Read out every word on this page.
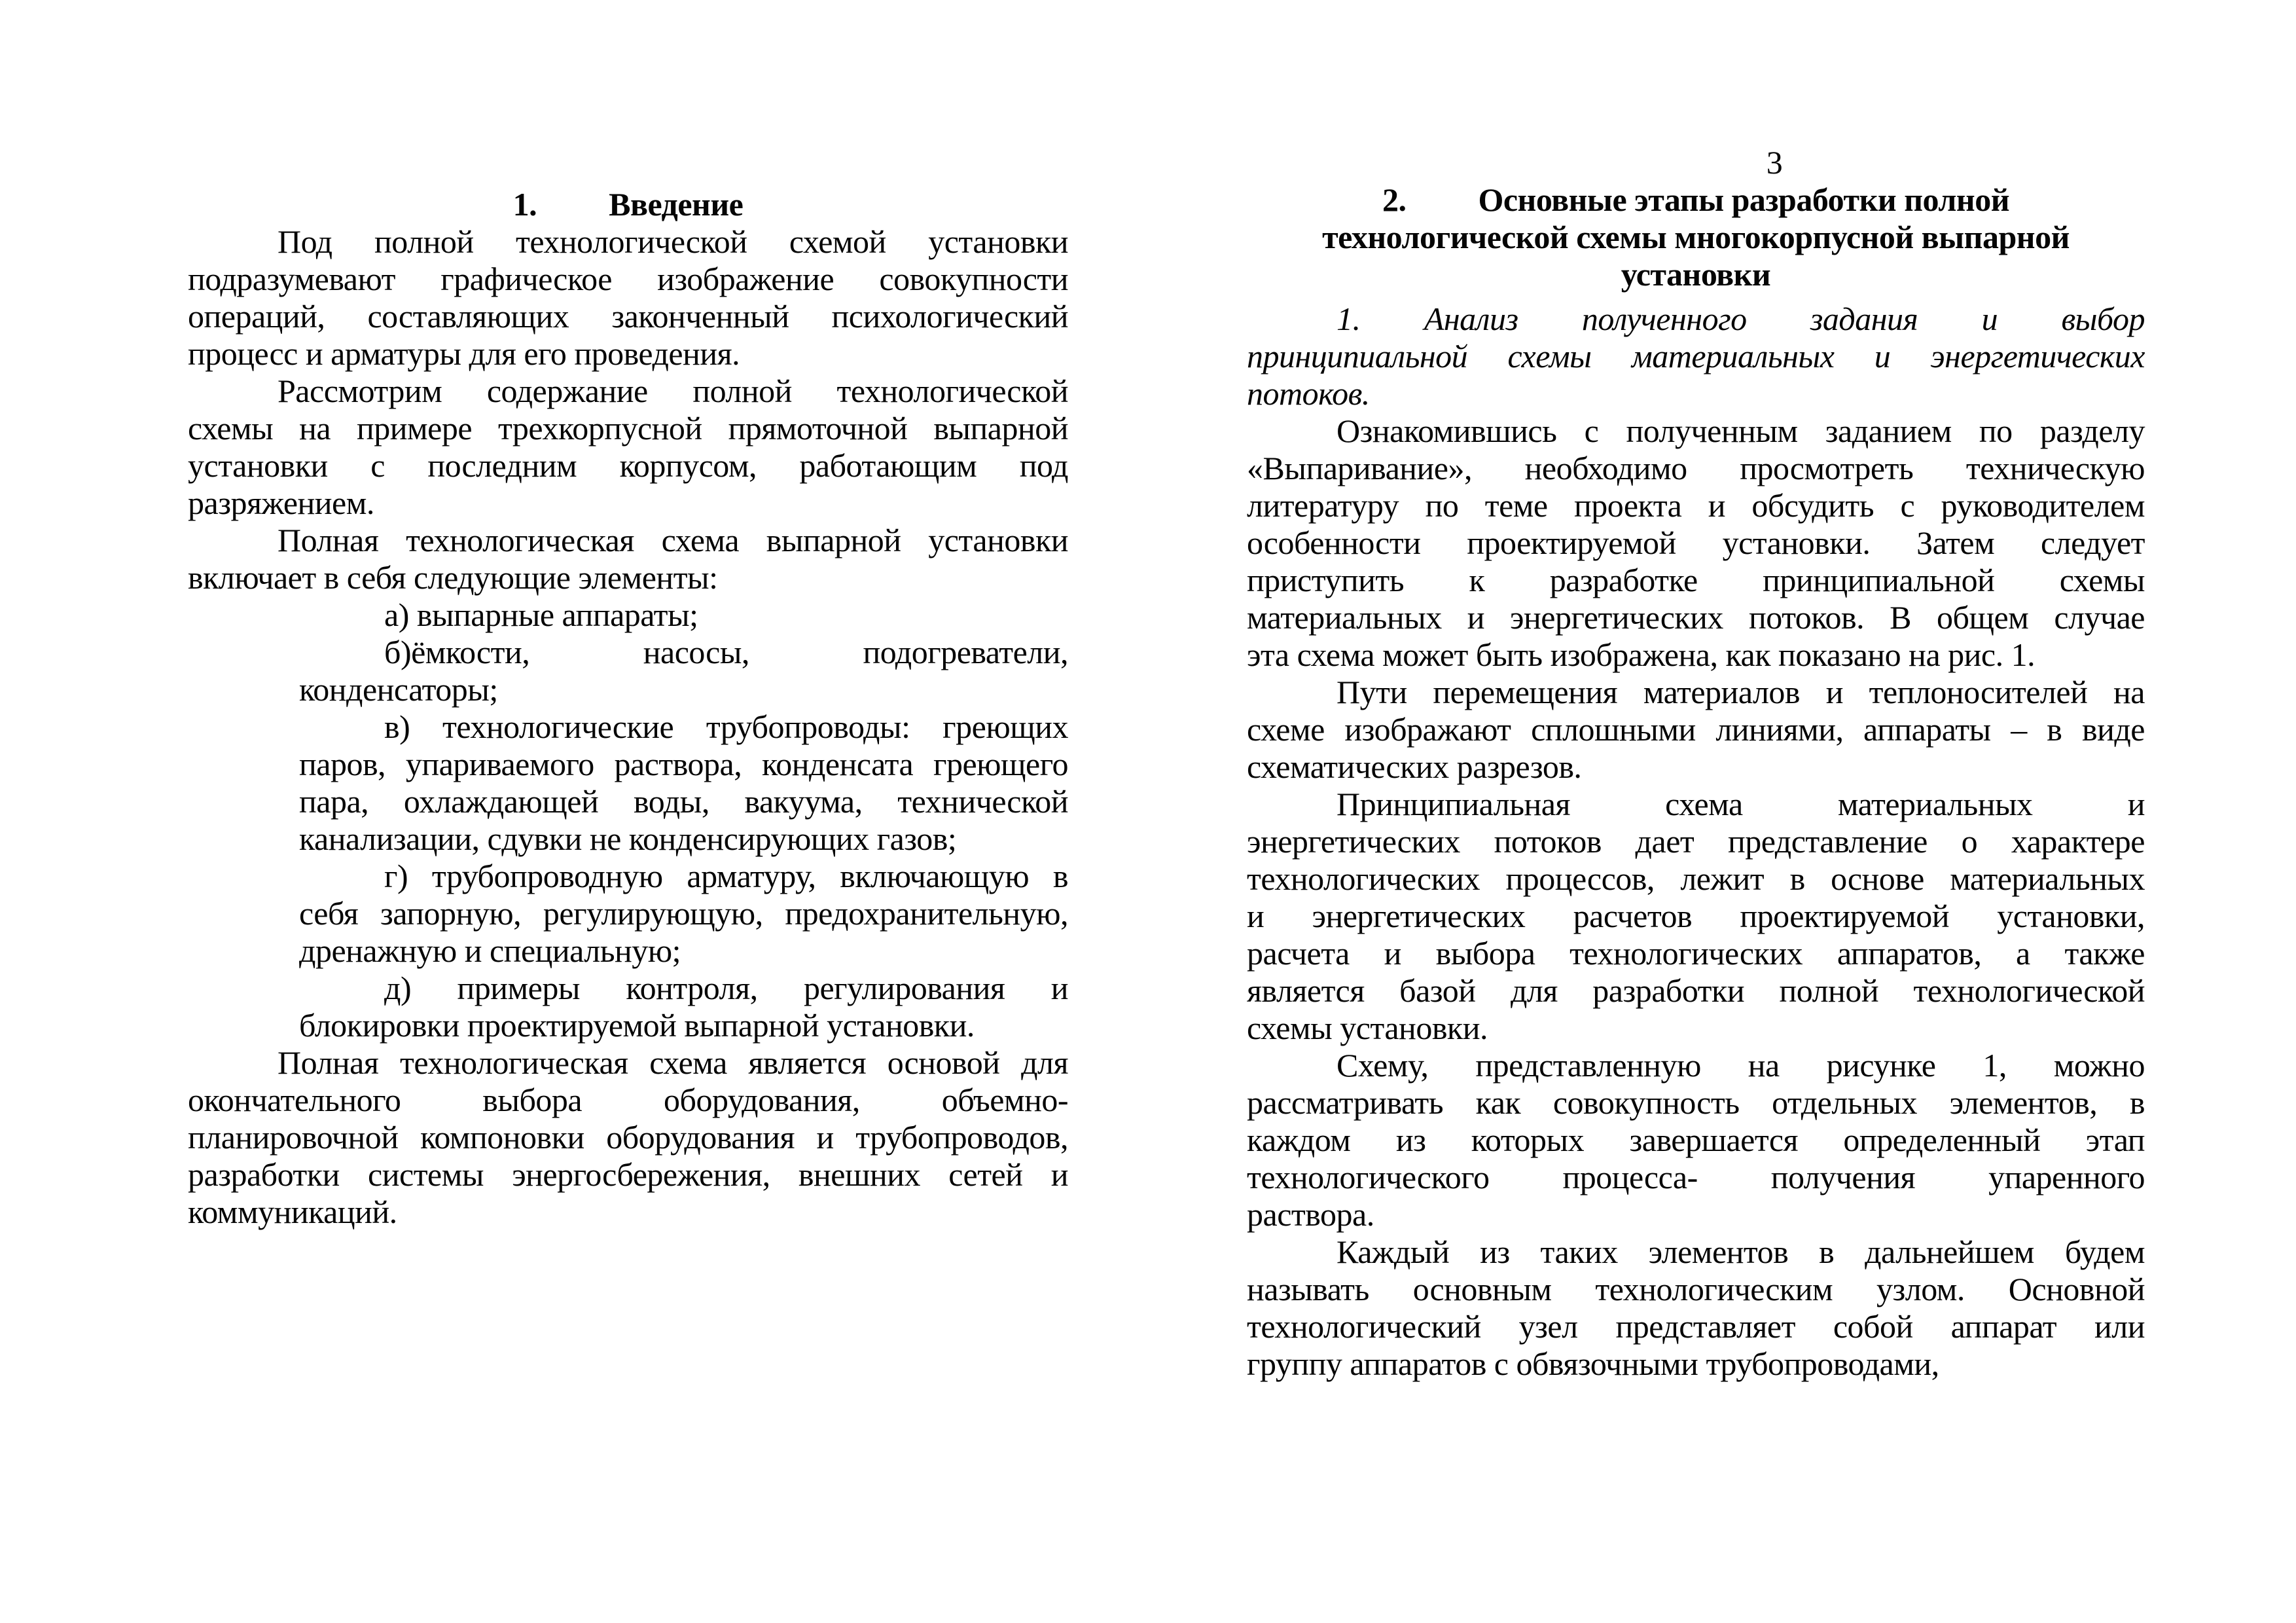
1. Введение
Под полной технологической схемой установки
подразумевают графическое изображение совокупности
операций, составляющих законченный психологический
процесс и арматуры для его проведения.
Рассмотрим содержание полной технологической
схемы на примере трехкорпусной прямоточной выпарной
установки с последним корпусом, работающим под
разряжением.
Полная технологическая схема выпарной установки
включает в себя следующие элементы:
а) выпарные аппараты;
б)ёмкости, насосы, подогреватели,
конденсаторы;
в) технологические трубопроводы: греющих
паров, упариваемого раствора, конденсата греющего
пара, охлаждающей воды, вакуума, технической
канализации, сдувки не конденсирующих газов;
г) трубопроводную арматуру, включающую в
себя запорную, регулирующую, предохранительную,
дренажную и специальную;
д) примеры контроля, регулирования и
блокировки проектируемой выпарной установки.
Полная технологическая схема является основой для
окончательного выбора оборудования, объемно-
планировочной компоновки оборудования и трубопроводов,
разработки системы энергосбережения, внешних сетей и
коммуникаций.
3
2. Основные этапы разработки полной
технологической схемы многокорпусной выпарной
установки
1. Анализ полученного задания и выбор
принципиальной схемы материальных и энергетических
потоков.
Ознакомившись с полученным заданием по разделу
«Выпаривание», необходимо просмотреть техническую
литературу по теме проекта и обсудить с руководителем
особенности проектируемой установки. Затем следует
приступить к разработке принципиальной схемы
материальных и энергетических потоков. В общем случае
эта схема может быть изображена, как показано на рис. 1.
Пути перемещения материалов и теплоносителей на
схеме изображают сплошными линиями, аппараты – в виде
схематических разрезов.
Принципиальная схема материальных и
энергетических потоков дает представление о характере
технологических процессов, лежит в основе материальных
и энергетических расчетов проектируемой установки,
расчета и выбора технологических аппаратов, а также
является базой для разработки полной технологической
схемы установки.
Схему, представленную на рисунке 1, можно
рассматривать как совокупность отдельных элементов, в
каждом из которых завершается определенный этап
технологического процесса- получения упаренного
раствора.
Каждый из таких элементов в дальнейшем будем
называть основным технологическим узлом. Основной
технологический узел представляет собой аппарат или
группу аппаратов с обвязочными трубопроводами,
